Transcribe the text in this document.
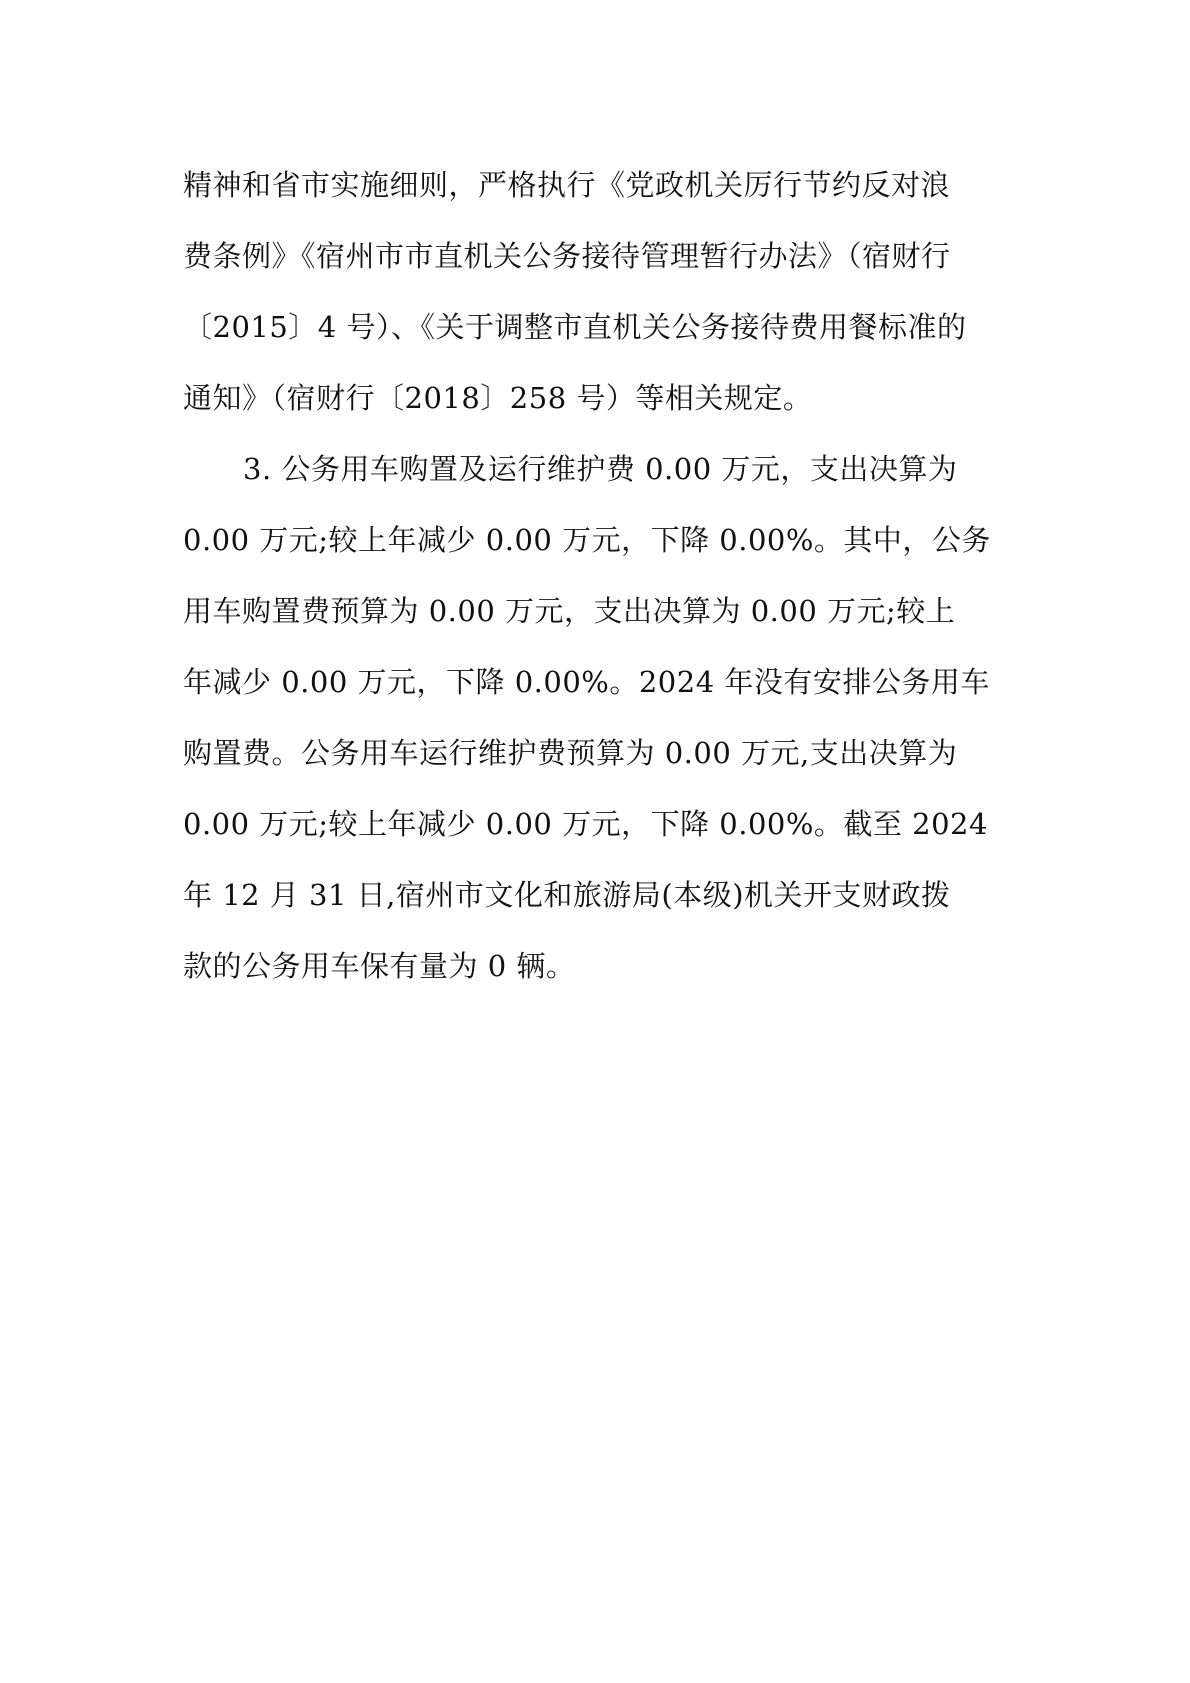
精神和省市实施细则，严格执行《党政机关厉行节约反对浪
费条例》《宿州市市直机关公务接待管理暂行办法》（宿财行
〔2015〕4 号）、《关于调整市直机关公务接待费用餐标准的
通知》（宿财行〔2018〕258 号）等相关规定。
3. 公务用车购置及运行维护费 0.00 万元，支出决算为
0.00 万元;较上年减少 0.00 万元，下降 0.00%。其中，公务
用车购置费预算为 0.00 万元，支出决算为 0.00 万元;较上
年减少 0.00 万元，下降 0.00%。2024 年没有安排公务用车
购置费。公务用车运行维护费预算为 0.00 万元,支出决算为
0.00 万元;较上年减少 0.00 万元，下降 0.00%。截至 2024
年 12 月 31 日,宿州市文化和旅游局(本级)机关开支财政拨
款的公务用车保有量为 0 辆。
